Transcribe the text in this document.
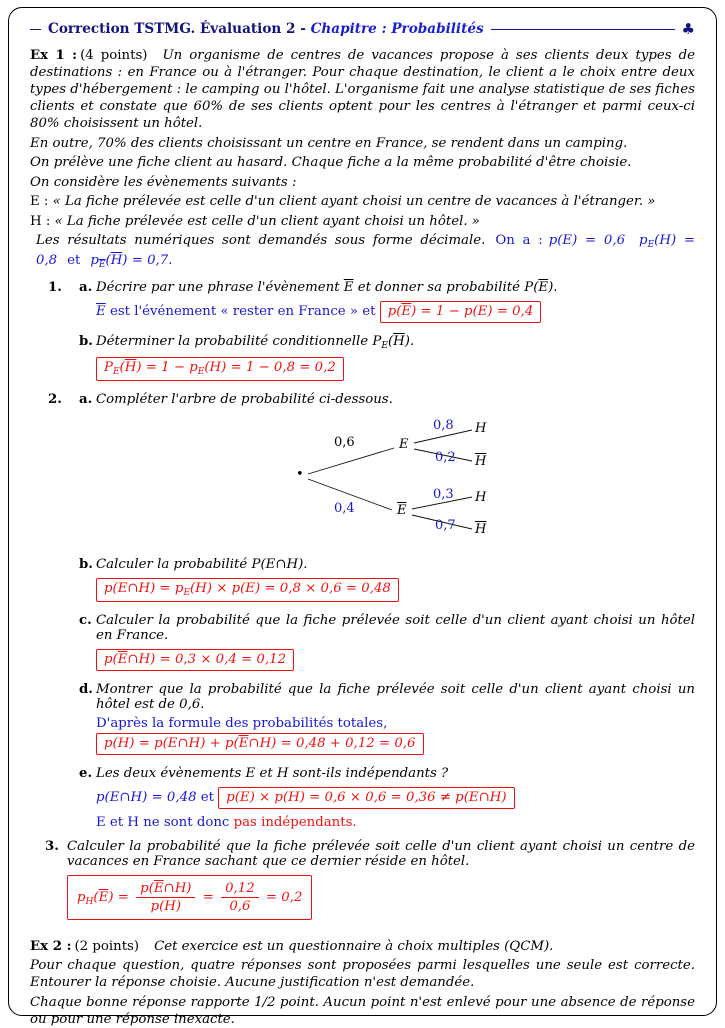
Correction TSTMG. Évaluation 2 - Chapitre : Probabilités	♣

Ex 1 : (4 points) Un organisme de centres de vacances propose à ses clients deux types de destinations : en France ou à l'étranger. Pour chaque destination, le client a le choix entre deux types d'hébergement : le camping ou l'hôtel. L'organisme fait une analyse statistique de ses fiches clients et constate que 60% de ses clients optent pour les centres à l'étranger et parmi ceux-ci 80% choisissent un hôtel.

En outre, 70% des clients choisissant un centre en France, se rendent dans un camping.

On prélève une fiche client au hasard. Chaque fiche a la même probabilité d'être choisie.

On considère les évènements suivants :

E : « La fiche prélevée est celle d'un client ayant choisi un centre de vacances à l'étranger. »

H : « La fiche prélevée est celle d'un client ayant choisi un hôtel. »

Les résultats numériques sont demandés sous forme décimale. On a : p(E) = 0,6 $p_E(H) = 0,8$ et $p_{\overline{E}}(\overline{H}) = 0,7$.

1.	a. Décrire par une phrase l'évènement $\overline{E}$ et donner sa probabilité $P(\overline{E})$.
$\overline{E}$ est l'événement « rester en France » et $p(\overline{E}) = 1 - p(E) = 0,4$
b. Déterminer la probabilité conditionnelle $P_E(\overline{H})$.
$P_E(\overline{H}) = 1 - p_E(H) = 1 - 0,8 = 0,2$
2.	a. Compléter l'arbre de probabilité ci-dessous.
•
0,6	E
0,8 H
0,2 $\overline{H}$
0,4	$\overline{E}$
0,3 H
0,7 $\overline{H}$
b. Calculer la probabilité P(E∩H).
p(E∩H) = $p_E(H) \times p(E) = 0,8 \times 0,6 = 0,48$
c. Calculer la probabilité que la fiche prélevée soit celle d'un client ayant choisi un hôtel en France.
$p(\overline{E}\cap H) = 0,3 \times 0,4 = 0,12$
d. Montrer que la probabilité que la fiche prélevée soit celle d'un client ayant choisi un hôtel est de 0,6.
D'après la formule des probabilités totales, p(H) = p(E∩H) + $p(\overline{E}\cap H) = 0,48 + 0,12 = 0,6$
e. Les deux évènements E et H sont-ils indépendants ?
p(E∩H) = 0,48 et p(E) × p(H) = 0,6 × 0,6 = 0,36 ≠ p(E∩H)
E et H ne sont donc pas indépendants.
3. Calculer la probabilité que la fiche prélevée soit celle d'un client ayant choisi un centre de vacances en France sachant que ce dernier réside en hôtel.
$p_H(\overline{E}) = \frac{p(\overline{E}\cap H)}{p(H)} = \frac{0,12}{0,6} = 0,2$

Ex 2 : (2 points) Cet exercice est un questionnaire à choix multiples (QCM).

Pour chaque question, quatre réponses sont proposées parmi lesquelles une seule est correcte. Entourer la réponse choisie. Aucune justification n'est demandée.

Chaque bonne réponse rapporte 1/2 point. Aucun point n'est enlevé pour une absence de réponse ou pour une réponse inexacte.
